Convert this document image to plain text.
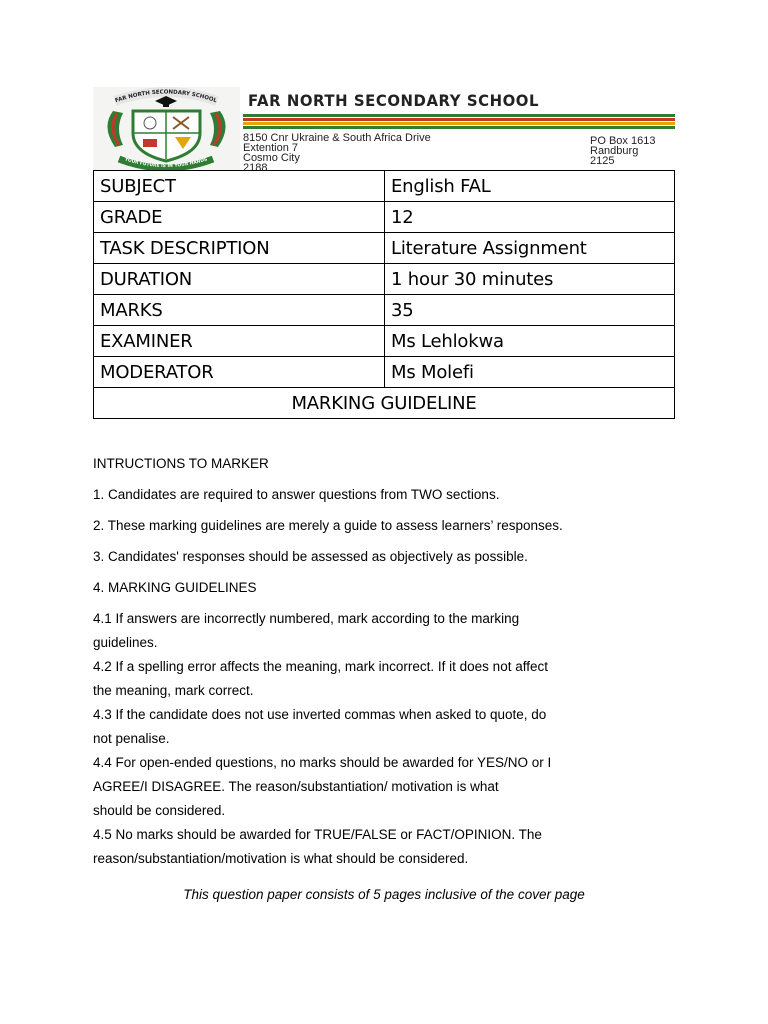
FAR NORTH SECONDARY SCHOOL
YOUR FUTURE IS IN YOUR HANDS
FAR NORTH SECONDARY SCHOOL
8150 Cnr Ukraine & South Africa Drive
Extention 7
Cosmo City
2188
PO Box 1613
Randburg
2125
SUBJECT	English FAL
GRADE	12
TASK DESCRIPTION	Literature Assignment
DURATION	1 hour 30 minutes
MARKS	35
EXAMINER	Ms Lehlokwa
MODERATOR	Ms Molefi
MARKING GUIDELINE	

INTRUCTIONS TO MARKER

1. Candidates are required to answer questions from TWO sections.

2. These marking guidelines are merely a guide to assess learners’ responses.

3. Candidates' responses should be assessed as objectively as possible.

4. MARKING GUIDELINES

4.1 If answers are incorrectly numbered, mark according to the marking
guidelines.
4.2 If a spelling error affects the meaning, mark incorrect. If it does not affect
the meaning, mark correct.
4.3 If the candidate does not use inverted commas when asked to quote, do
not penalise.
4.4 For open-ended questions, no marks should be awarded for YES/NO or I
AGREE/I DISAGREE. The reason/substantiation/ motivation is what
should be considered.
4.5 No marks should be awarded for TRUE/FALSE or FACT/OPINION. The
reason/substantiation/motivation is what should be considered.
This question paper consists of 5 pages inclusive of the cover page
